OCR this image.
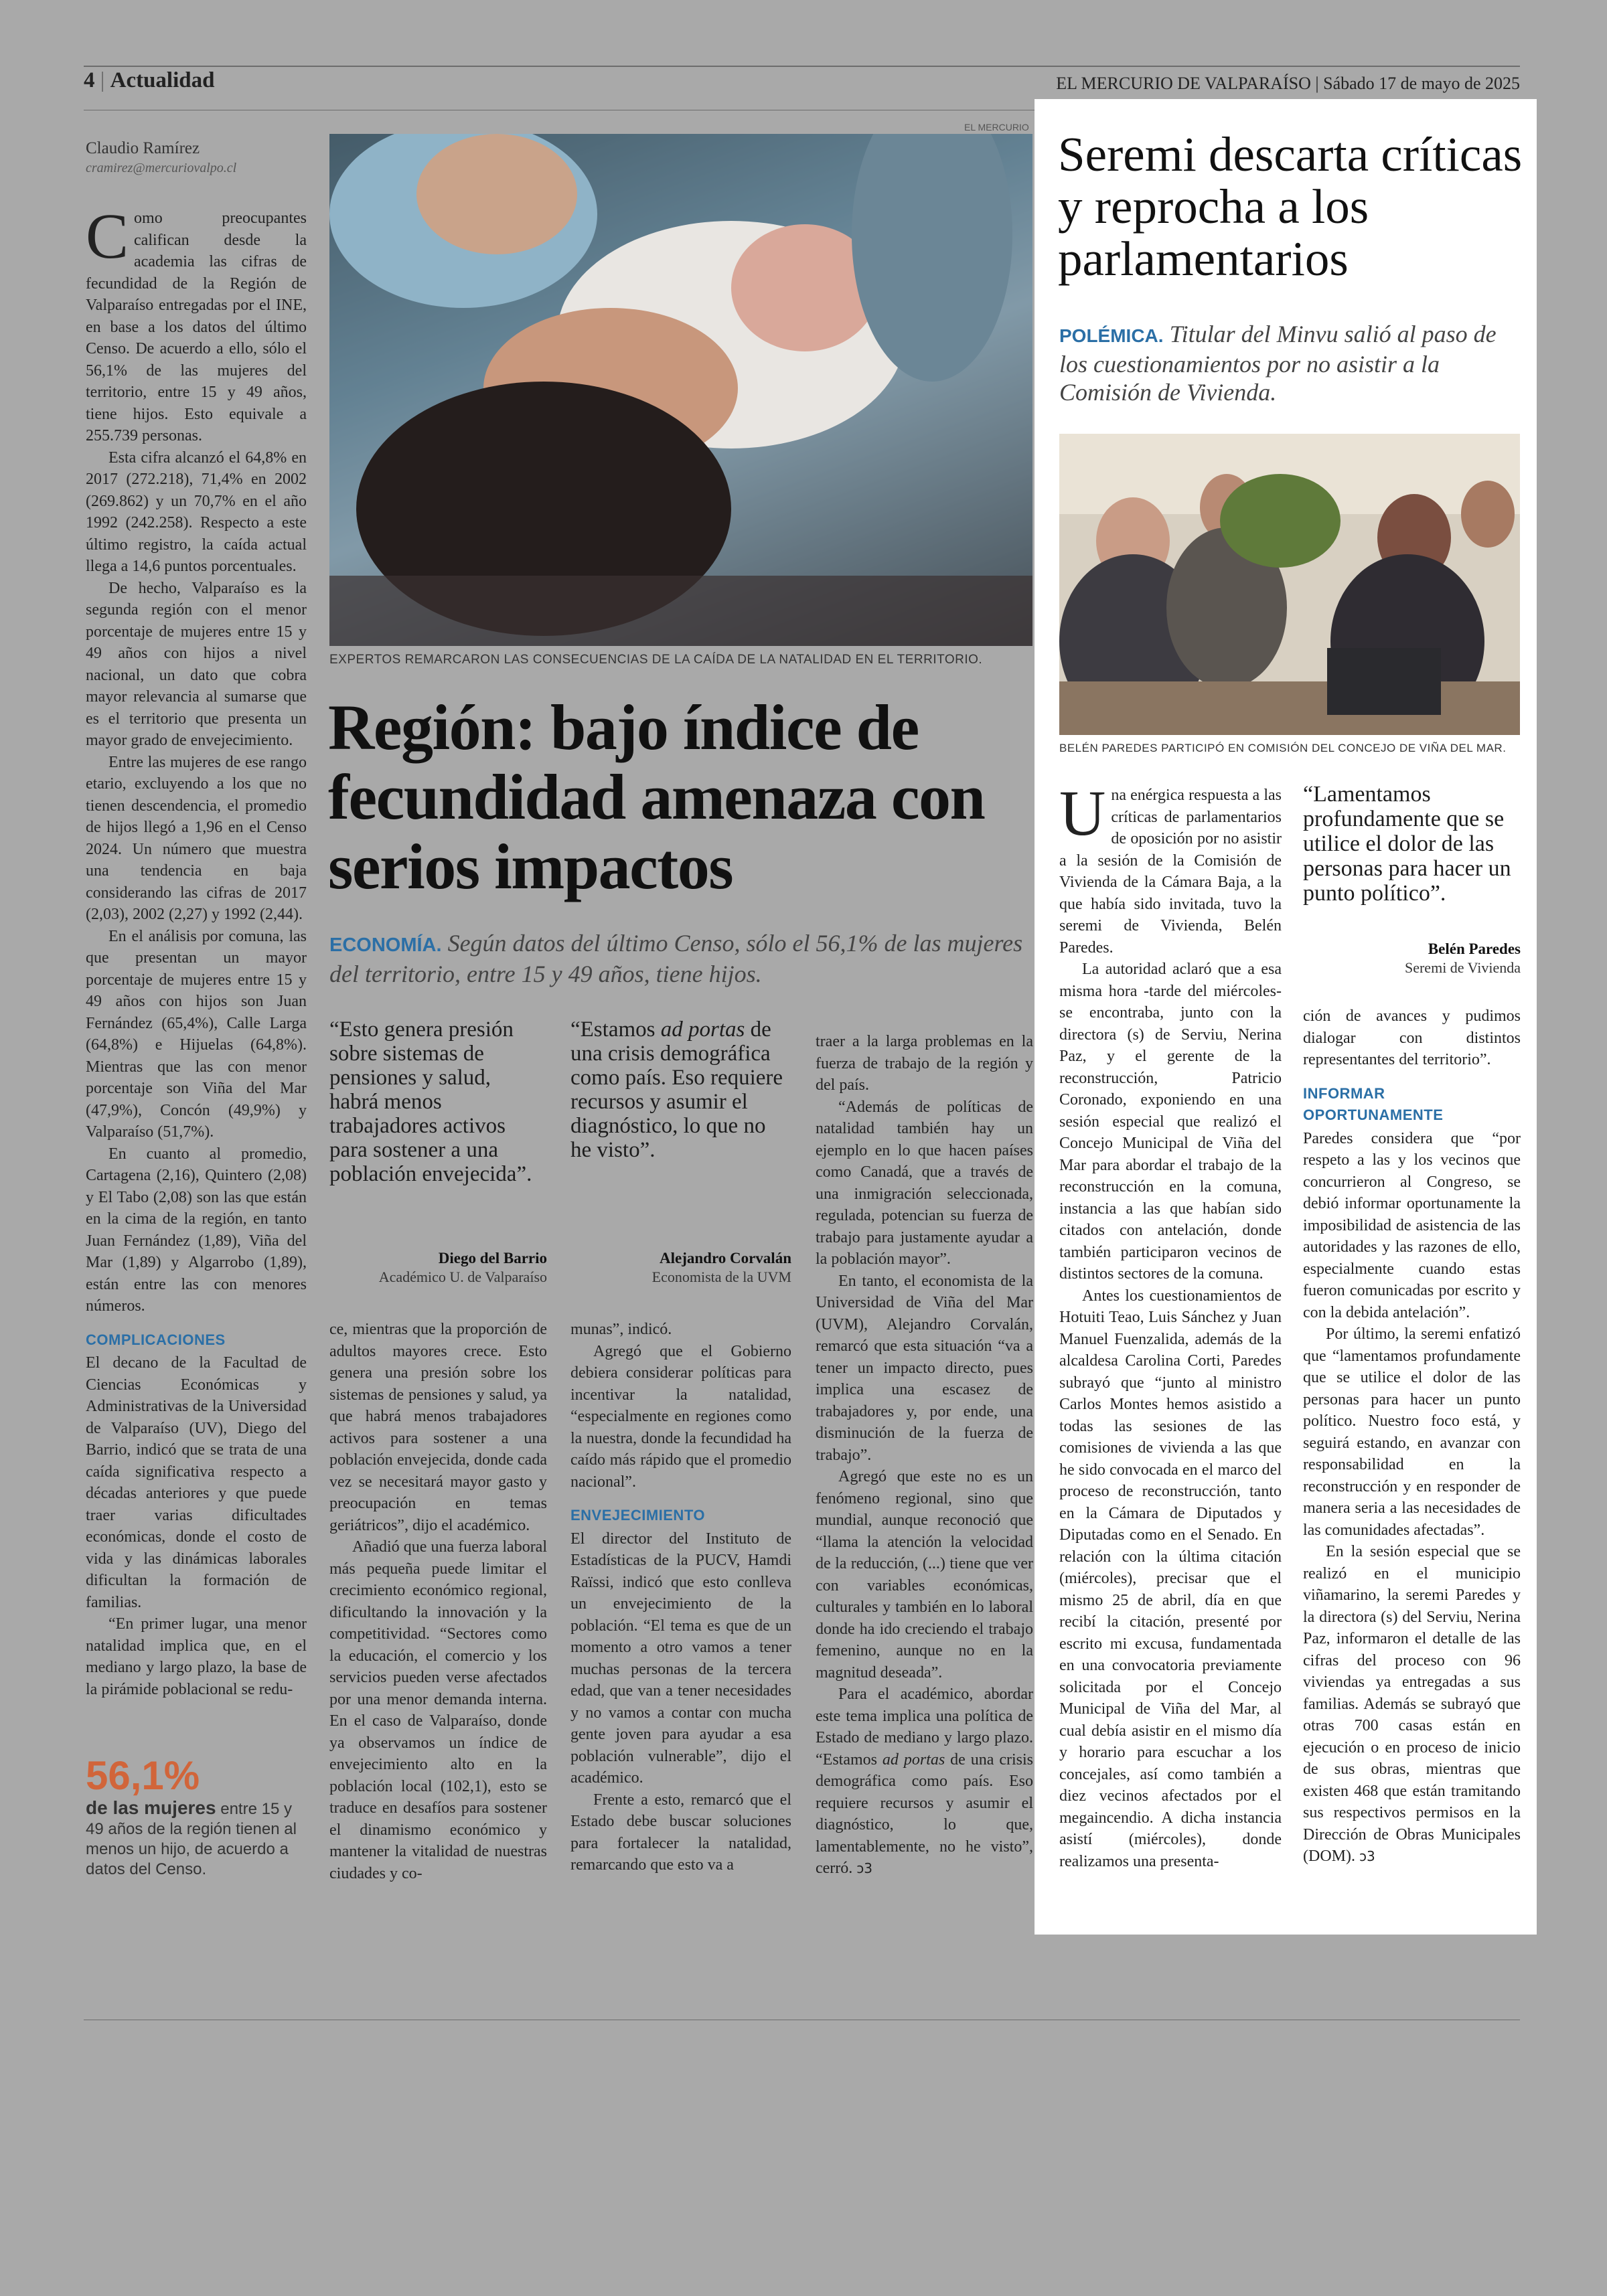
4 | Actualidad	EL MERCURIO DE VALPARAÍSO | Sábado 17 de mayo de 2025
Claudio Ramírez
cramirez@mercuriovalpo.cl
EL MERCURIO
EXPERTOS REMARCARON LAS CONSECUENCIAS DE LA CAÍDA DE LA NATALIDAD EN EL TERRITORIO.
Región: bajo índice de fecundidad amenaza con serios impactos
ECONOMÍA. Según datos del último Censo, sólo el 56,1% de las mujeres del territorio, entre 15 y 49 años, tiene hijos.

Como preocupantes califican desde la academia las cifras de fecundidad de la Región de Valparaíso entregadas por el INE, en base a los datos del último Censo. De acuerdo a ello, sólo el 56,1% de las mujeres del territorio, entre 15 y 49 años, tiene hijos. Esto equivale a 255.739 personas.

Esta cifra alcanzó el 64,8% en 2017 (272.218), 71,4% en 2002 (269.862) y un 70,7% en el año 1992 (242.258). Respecto a este último registro, la caída actual llega a 14,6 puntos porcentuales.

De hecho, Valparaíso es la segunda región con el menor porcentaje de mujeres entre 15 y 49 años con hijos a nivel nacional, un dato que cobra mayor relevancia al sumarse que es el territorio que presenta un mayor grado de envejecimiento.

Entre las mujeres de ese rango etario, excluyendo a los que no tienen descendencia, el promedio de hijos llegó a 1,96 en el Censo 2024. Un número que muestra una tendencia en baja considerando las cifras de 2017 (2,03), 2002 (2,27) y 1992 (2,44).

En el análisis por comuna, las que presentan un mayor porcentaje de mujeres entre 15 y 49 años con hijos son Juan Fernández (65,4%), Calle Larga (64,8%) e Hijuelas (64,8%). Mientras que las con menor porcentaje son Viña del Mar (47,9%), Concón (49,9%) y Valparaíso (51,7%).

En cuanto al promedio, Cartagena (2,16), Quintero (2,08) y El Tabo (2,08) son las que están en la cima de la región, en tanto Juan Fernández (1,89), Viña del Mar (1,89) y Algarrobo (1,89), están entre las con menores números.

COMPLICACIONES

El decano de la Facultad de Ciencias Económicas y Administrativas de la Universidad de Valparaíso (UV), Diego del Barrio, indicó que se trata de una caída significativa respecto a décadas anteriores y que puede traer varias dificultades económicas, donde el costo de vida y las dinámicas laborales dificultan la formación de familias.

“En primer lugar, una menor natalidad implica que, en el mediano y largo plazo, la base de la pirámide poblacional se redu-

56,1%
de las mujeres entre 15 y 49 años de la región tienen al menos un hijo, de acuerdo a datos del Censo.
“Esto genera presión sobre sistemas de pensiones y salud, habrá menos trabajadores activos para sostener a una población envejecida”.
Diego del Barrio
Académico U. de Valparaíso
“Estamos ad portas de una crisis demográfica como país. Eso requiere recursos y asumir el diagnóstico, lo que no he visto”.
Alejandro Corvalán
Economista de la UVM

ce, mientras que la proporción de adultos mayores crece. Esto genera una presión sobre los sistemas de pensiones y salud, ya que habrá menos trabajadores activos para sostener a una población envejecida, donde cada vez se necesitará mayor gasto y preocupación en temas geriátricos”, dijo el académico.

Añadió que una fuerza laboral más pequeña puede limitar el crecimiento económico regional, dificultando la innovación y la competitividad. “Sectores como la educación, el comercio y los servicios pueden verse afectados por una menor demanda interna. En el caso de Valparaíso, donde ya observamos un índice de envejecimiento alto en la población local (102,1), esto se traduce en desafíos para sostener el dinamismo económico y mantener la vitalidad de nuestras ciudades y co-

munas”, indicó.

Agregó que el Gobierno debiera considerar políticas para incentivar la natalidad, “especialmente en regiones como la nuestra, donde la fecundidad ha caído más rápido que el promedio nacional”.

ENVEJECIMIENTO

El director del Instituto de Estadísticas de la PUCV, Hamdi Raïssi, indicó que esto conlleva un envejecimiento de la población. “El tema es que de un momento a otro vamos a tener muchas personas de la tercera edad, que van a tener necesidades y no vamos a contar con mucha gente joven para ayudar a esa población vulnerable”, dijo el académico.

Frente a esto, remarcó que el Estado debe buscar soluciones para fortalecer la natalidad, remarcando que esto va a

traer a la larga problemas en la fuerza de trabajo de la región y del país.

“Además de políticas de natalidad también hay un ejemplo en lo que hacen países como Canadá, que a través de una inmigración seleccionada, regulada, potencian su fuerza de trabajo para justamente ayudar a la población mayor”.

En tanto, el economista de la Universidad de Viña del Mar (UVM), Alejandro Corvalán, remarcó que esta situación “va a tener un impacto directo, pues implica una escasez de trabajadores y, por ende, una disminución de la fuerza de trabajo”.

Agregó que este no es un fenómeno regional, sino que mundial, aunque reconoció que “llama la atención la velocidad de la reducción, (...) tiene que ver con variables económicas, culturales y también en lo laboral donde ha ido creciendo el trabajo femenino, aunque no en la magnitud deseada”.

Para el académico, abordar este tema implica una política de Estado de mediano y largo plazo. “Estamos ad portas de una crisis demográfica como país. Eso requiere recursos y asumir el diagnóstico, lo que, lamentablemente, no he visto”, cerró. ↄ3

Seremi descarta críticas y reprocha a los parlamentarios
POLÉMICA. Titular del Minvu salió al paso de los cuestionamientos por no asistir a la Comisión de Vivienda.
BELÉN PAREDES PARTICIPÓ EN COMISIÓN DEL CONCEJO DE VIÑA DEL MAR.

Una enérgica respuesta a las críticas de parlamentarios de oposición por no asistir a la sesión de la Comisión de Vivienda de la Cámara Baja, a la que había sido invitada, tuvo la seremi de Vivienda, Belén Paredes.

La autoridad aclaró que a esa misma hora -tarde del miércoles- se encontraba, junto con la directora (s) de Serviu, Nerina Paz, y el gerente de la reconstrucción, Patricio Coronado, exponiendo en una sesión especial que realizó el Concejo Municipal de Viña del Mar para abordar el trabajo de la reconstrucción en la comuna, instancia a las que habían sido citados con antelación, donde también participaron vecinos de distintos sectores de la comuna.

Antes los cuestionamientos de Hotuiti Teao, Luis Sánchez y Juan Manuel Fuenzalida, además de la alcaldesa Carolina Corti, Paredes subrayó que “junto al ministro Carlos Montes hemos asistido a todas las sesiones de las comisiones de vivienda a las que he sido convocada en el marco del proceso de reconstrucción, tanto en la Cámara de Diputados y Diputadas como en el Senado. En relación con la última citación (miércoles), precisar que el mismo 25 de abril, día en que recibí la citación, presenté por escrito mi excusa, fundamentada en una convocatoria previamente solicitada por el Concejo Municipal de Viña del Mar, al cual debía asistir en el mismo día y horario para escuchar a los concejales, así como también a diez vecinos afectados por el megaincendio. A dicha instancia asistí (miércoles), donde realizamos una presenta-

“Lamentamos profundamente que se utilice el dolor de las personas para hacer un punto político”.
Belén Paredes
Seremi de Vivienda

ción de avances y pudimos dialogar con distintos representantes del territorio”.

INFORMAR OPORTUNAMENTE

Paredes considera que “por respeto a las y los vecinos que concurrieron al Congreso, se debió informar oportunamente la imposibilidad de asistencia de las autoridades y las razones de ello, especialmente cuando estas fueron comunicadas por escrito y con la debida antelación”.

Por último, la seremi enfatizó que “lamentamos profundamente que se utilice el dolor de las personas para hacer un punto político. Nuestro foco está, y seguirá estando, en avanzar con responsabilidad en la reconstrucción y en responder de manera seria a las necesidades de las comunidades afectadas”.

En la sesión especial que se realizó en el municipio viñamarino, la seremi Paredes y la directora (s) del Serviu, Nerina Paz, informaron el detalle de las cifras del proceso con 96 viviendas ya entregadas a sus familias. Además se subrayó que otras 700 casas están en ejecución o en proceso de inicio de sus obras, mientras que existen 468 que están tramitando sus respectivos permisos en la Dirección de Obras Municipales (DOM). ↄ3
